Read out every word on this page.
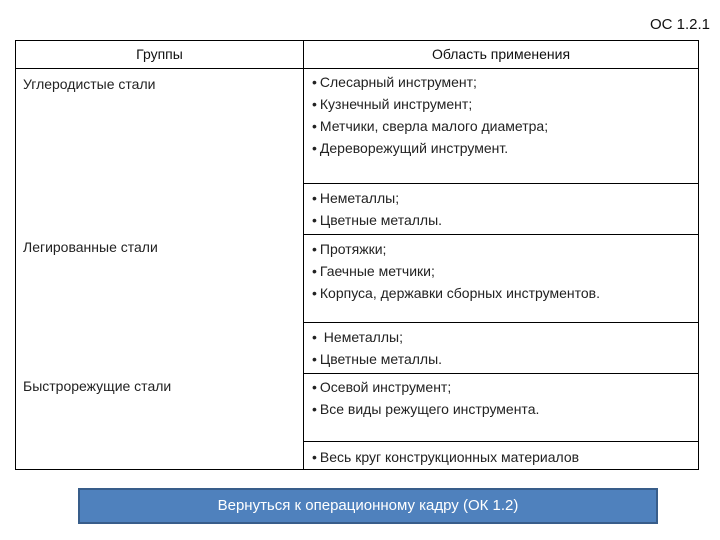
ОС 1.2.1
Группы	Область применения
Углеродистые стали	• Слесарный инструмент;
• Кузнечный инструмент;
• Метчики, сверла малого диаметра;
• Дереворежущий инструмент.
• Неметаллы;
• Цветные металлы.
Легированные стали	• Протяжки;
• Гаечные метчики;
• Корпуса, державки сборных инструментов.
• Неметаллы;
• Цветные металлы.
Быстрорежущие стали	• Осевой инструмент;
• Все виды режущего инструмента.
• Весь круг конструкционных материалов
Вернуться к операционному кадру (ОК 1.2)
